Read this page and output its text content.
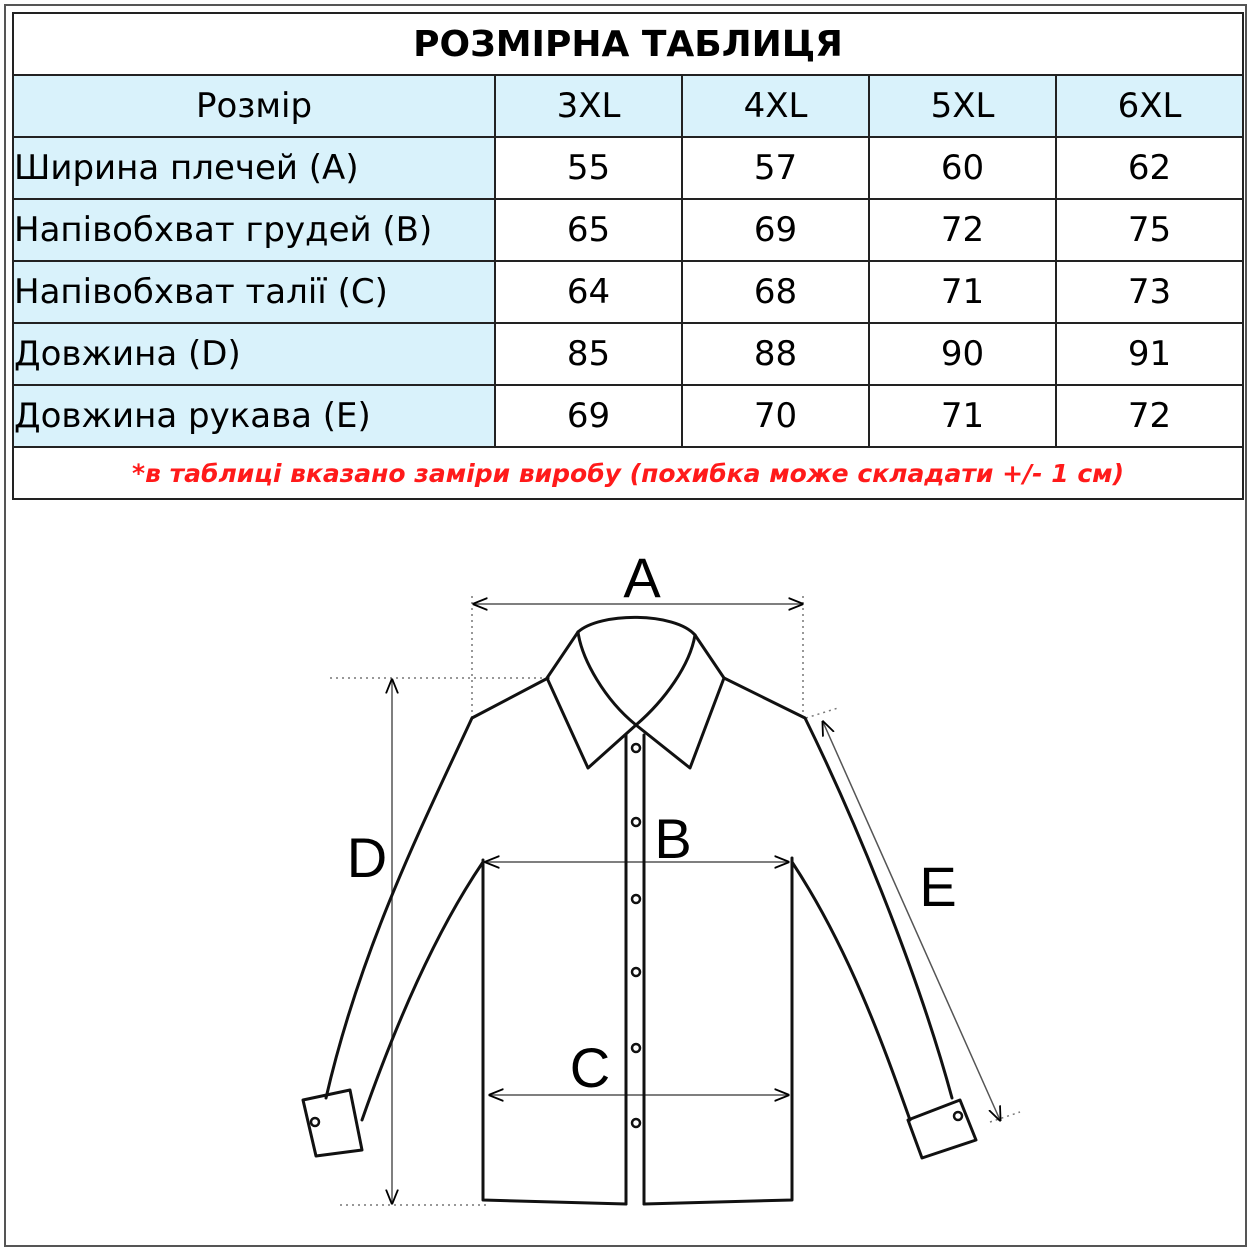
РОЗМІРНА ТАБЛИЦЯ				
Розмір	3XL	4XL	5XL	6XL
Ширина плечей (A)	55	57	60	62
Напівобхват грудей (B)	65	69	72	75
Напівобхват талії (C)	64	68	71	73
Довжина (D)	85	88	90	91
Довжина рукава (E)	69	70	71	72
*в таблиці вказано заміри виробу (похибка може складати +/- 1 см)				
A
B
C
D	E
